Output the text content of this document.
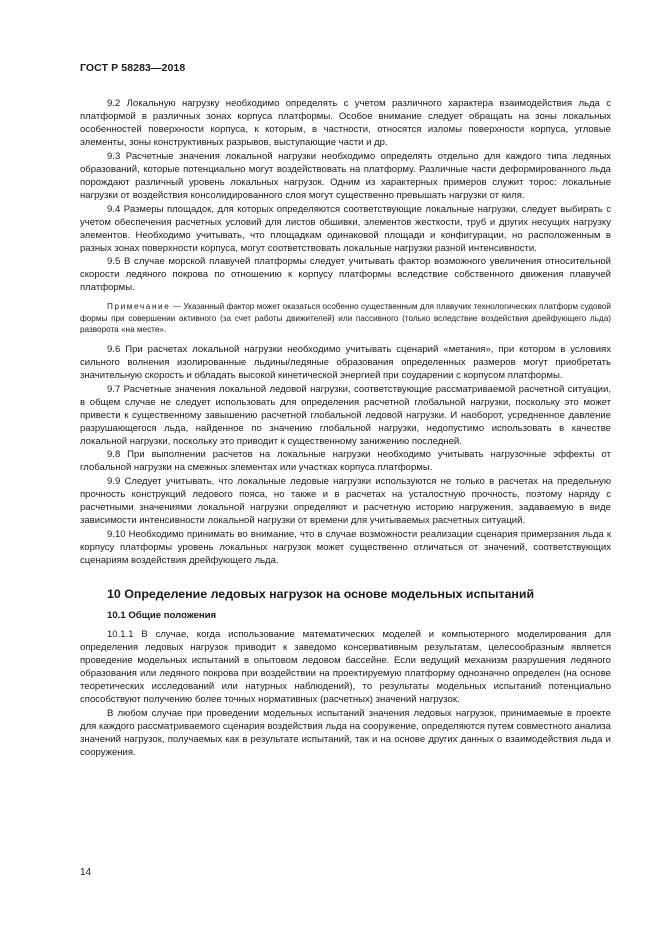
ГОСТ Р 58283—2018

9.2 Локальную нагрузку необходимо определять с учетом различного характера взаимодействия льда с платформой в различных зонах корпуса платформы. Особое внимание следует обращать на зоны локальных особенностей поверхности корпуса, к которым, в частности, относятся изломы поверхности корпуса, угловые элементы, зоны конструктивных разрывов, выступающие части и др.

9.3 Расчетные значения локальной нагрузки необходимо определять отдельно для каждого типа ледяных образований, которые потенциально могут воздействовать на платформу. Различные части деформированного льда порождают различный уровень локальных нагрузок. Одним из характерных примеров служит торос: локальные нагрузки от воздействия консолидированного слоя могут существенно превышать нагрузки от киля.

9.4 Размеры площадок, для которых определяются соответствующие локальные нагрузки, следует выбирать с учетом обеспечения расчетных условий для листов обшивки, элементов жесткости, труб и других несущих нагрузку элементов. Необходимо учитывать, что площадкам одинаковой площади и конфигурации, но расположенным в разных зонах поверхности корпуса, могут соответствовать локальные нагрузки разной интенсивности.

9.5 В случае морской плавучей платформы следует учитывать фактор возможного увеличения относительной скорости ледяного покрова по отношению к корпусу платформы вследствие собственного движения плавучей платформы.

Примечание — Указанный фактор может оказаться особенно существенным для плавучих технологических платформ судовой формы при совершении активного (за счет работы движителей) или пассивного (только вследствие воздействия дрейфующего льда) разворота «на месте».

9.6 При расчетах локальной нагрузки необходимо учитывать сценарий «метания», при котором в условиях сильного волнения изолированные льдины/ледяные образования определенных размеров могут приобретать значительную скорость и обладать высокой кинетической энергией при соударении с корпусом платформы.

9.7 Расчетные значения локальной ледовой нагрузки, соответствующие рассматриваемой расчетной ситуации, в общем случае не следует использовать для определения расчетной глобальной нагрузки, поскольку это может привести к существенному завышению расчетной глобальной ледовой нагрузки. И наоборот, усредненное давление разрушающегося льда, найденное по значению глобальной нагрузки, недопустимо использовать в качестве локальной нагрузки, поскольку это приводит к существенному занижению последней.

9.8 При выполнении расчетов на локальные нагрузки необходимо учитывать нагрузочные эффекты от глобальной нагрузки на смежных элементах или участках корпуса платформы.

9.9 Следует учитывать, что локальные ледовые нагрузки используются не только в расчетах на предельную прочность конструкций ледового пояса, но также и в расчетах на усталостную прочность, поэтому наряду с расчетными значениями локальной нагрузки определяют и расчетную историю нагружения, задаваемую в виде зависимости интенсивности локальной нагрузки от времени для учитываемых расчетных ситуаций.

9.10 Необходимо принимать во внимание, что в случае возможности реализации сценария примерзания льда к корпусу платформы уровень локальных нагрузок может существенно отличаться от значений, соответствующих сценариям воздействия дрейфующего льда.

10 Определение ледовых нагрузок на основе модельных испытаний
10.1 Общие положения

10.1.1 В случае, когда использование математических моделей и компьютерного моделирования для определения ледовых нагрузок приводит к заведомо консервативным результатам, целесообразным является проведение модельных испытаний в опытовом ледовом бассейне. Если ведущий механизм разрушения ледяного образования или ледяного покрова при воздействии на проектируемую платформу однозначно определен (на основе теоретических исследований или натурных наблюдений), то результаты модельных испытаний потенциально способствуют получению более точных нормативных (расчетных) значений нагрузок.

В любом случае при проведении модельных испытаний значения ледовых нагрузок, принимаемые в проекте для каждого рассматриваемого сценария воздействия льда на сооружение, определяются путем совместного анализа значений нагрузок, получаемых как в результате испытаний, так и на основе других данных о взаимодействия льда и сооружения.

14
